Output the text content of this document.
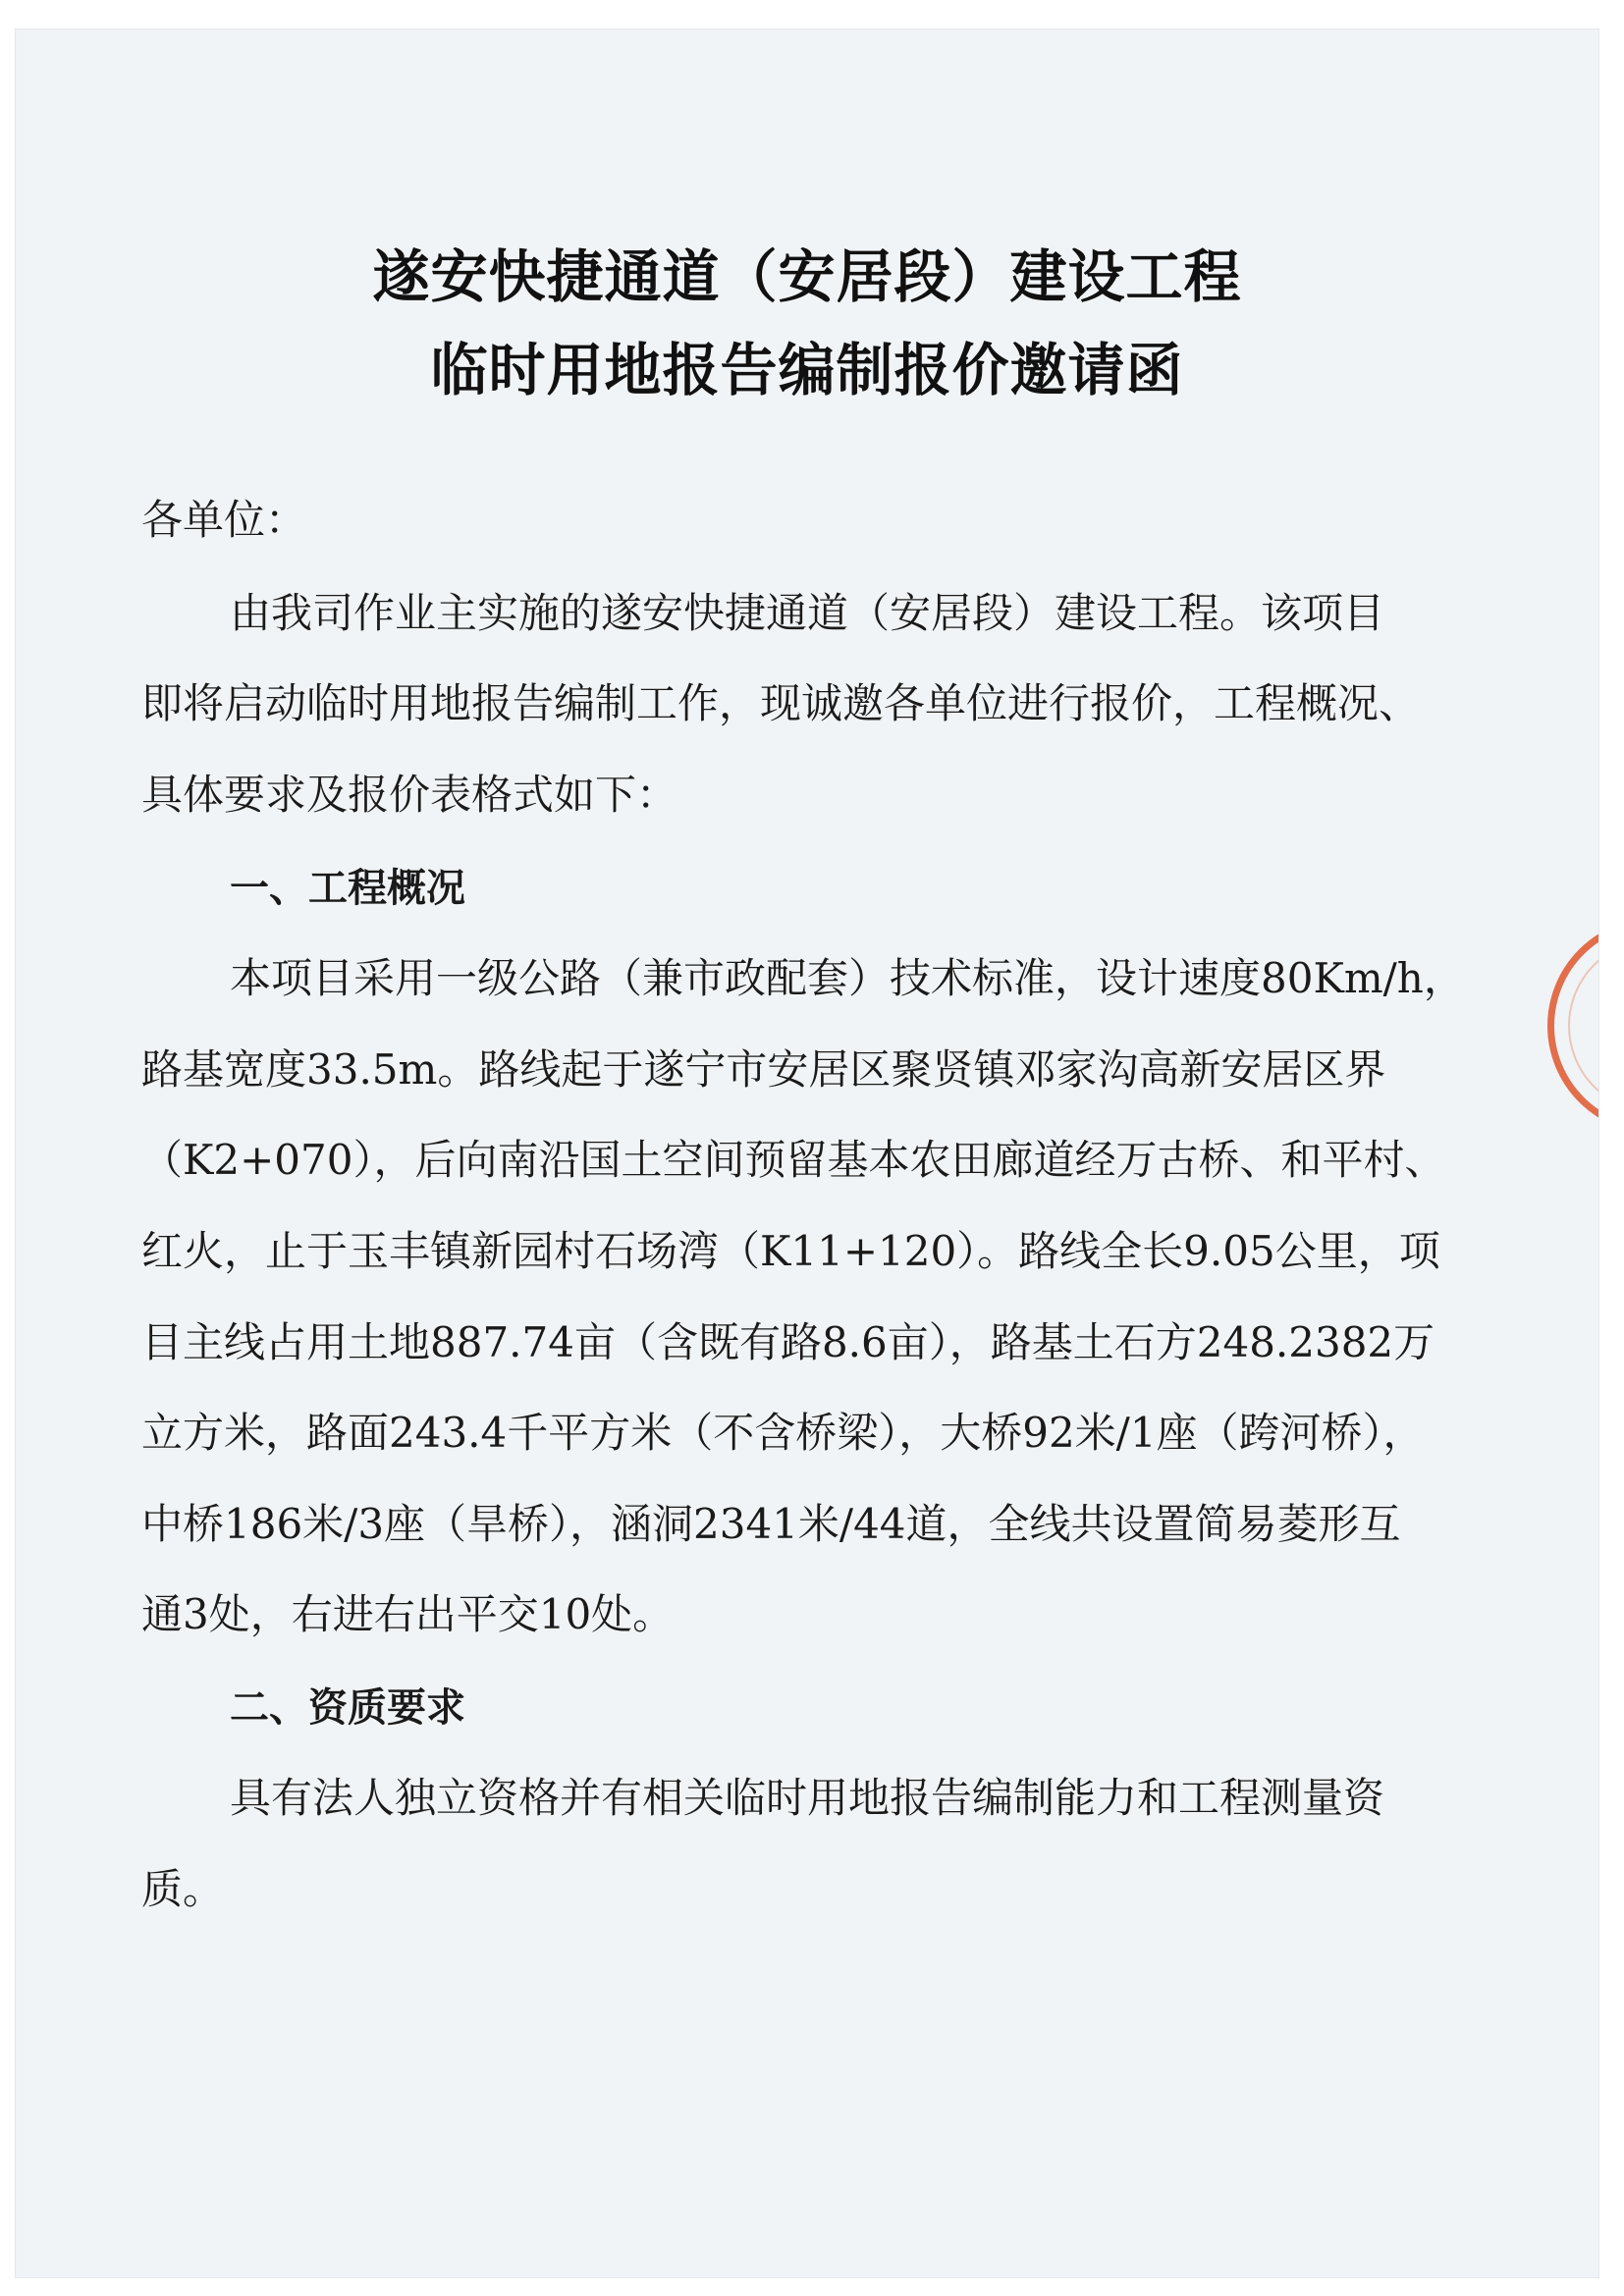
遂安快捷通道（安居段）建设工程
临时用地报告编制报价邀请函
各单位：
由我司作业主实施的遂安快捷通道（安居段）建设工程。该项目
即将启动临时用地报告编制工作，现诚邀各单位进行报价，工程概况、
具体要求及报价表格式如下：
一、工程概况
本项目采用一级公路（兼市政配套）技术标准，设计速度80Km/h，
路基宽度33.5m。路线起于遂宁市安居区聚贤镇邓家沟高新安居区界
（K2+070），后向南沿国土空间预留基本农田廊道经万古桥、和平村、
红火，止于玉丰镇新园村石场湾（K11+120）。路线全长9.05公里，项
目主线占用土地887.74亩（含既有路8.6亩），路基土石方248.2382万
立方米，路面243.4千平方米（不含桥梁），大桥92米/1座（跨河桥），
中桥186米/3座（旱桥），涵洞2341米/44道，全线共设置简易菱形互
通3处，右进右出平交10处。
二、资质要求
具有法人独立资格并有相关临时用地报告编制能力和工程测量资
质。
